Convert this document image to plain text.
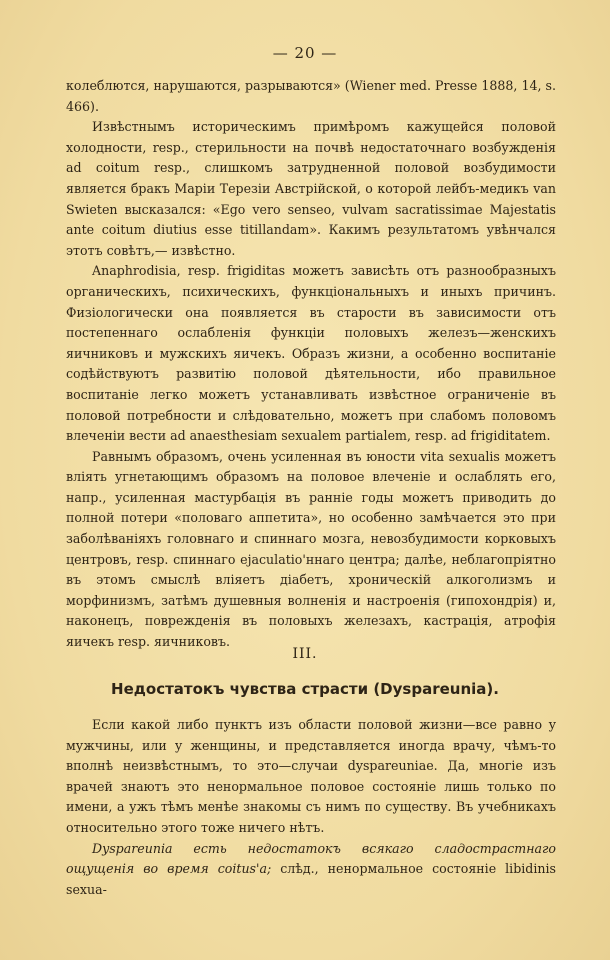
— 20 —

колеблются, нарушаются, разрываются» (Wiener med. Presse 1888, 14, s. 466).

Извѣстнымъ историческимъ примѣромъ кажущейся половой холодности, resp., стерильности на почвѣ недостаточнаго возбужденія ad coitum resp., слишкомъ затрудненной половой возбудимости является бракъ Маріи Терезіи Австрійской, о которой лейбъ-медикъ van Swieten высказался: «Ego vero senseo, vulvam sacratissimae Majestatis ante coitum diutius esse titillandam». Какимъ результатомъ увѣнчался этотъ совѣтъ,— извѣстно.

Anaphrodisia, resp. frigiditas можетъ зависѣть отъ разнообразныхъ органическихъ, психическихъ, функціональныхъ и иныхъ причинъ. Физіологически она появляется въ старости въ зависимости отъ постепеннаго ослабленія функціи половыхъ железъ—женскихъ яичниковъ и мужскихъ яичекъ. Образъ жизни, а особенно воспитаніе содѣйствуютъ развитію половой дѣятельности, ибо правильное воспитаніе легко можетъ устанавливать извѣстное ограниченіе въ половой потребности и слѣдовательно, можетъ при слабомъ половомъ влеченіи вести ad anaesthesiam sexualem partialem, resp. ad frigiditatem.

Равнымъ образомъ, очень усиленная въ юности vita sexualis можетъ вліять угнетающимъ образомъ на половое влеченіе и ослаблять его, напр., усиленная мастурбація въ ранніе годы можетъ приводить до полной потери «половаго аппетита», но особенно замѣчается это при заболѣваніяхъ головнаго и спиннаго мозга, невозбудимости корковыхъ центровъ, resp. спиннаго ejaculatio'ннаго центра; далѣе, неблагопріятно въ этомъ смыслѣ вліяетъ діабетъ, хроническій алкоголизмъ и морфинизмъ, затѣмъ душевныя волненія и настроенія (гипохондрія) и, наконецъ, поврежденія въ половыхъ железахъ, кастрація, атрофія яичекъ resp. яичниковъ.

III.
Недостатокъ чувства страсти (Dysparеunia).

Если какой либо пунктъ изъ области половой жизни—все равно у мужчины, или у женщины, и представляется иногда врачу, чѣмъ-то вполнѣ неизвѣстнымъ, то это—случаи dysparеuniae. Да, многіе изъ врачей знаютъ это ненормальное половое состояніе лишь только по имени, а ужъ тѣмъ менѣе знакомы съ нимъ по существу. Въ учебникахъ относительно этого тоже ничего нѣтъ.

Dysparеunia есть недостатокъ всякаго сладострастнаго ощущенія во время coitus'а; слѣд., ненормальное состояніе libidinis sexua-
